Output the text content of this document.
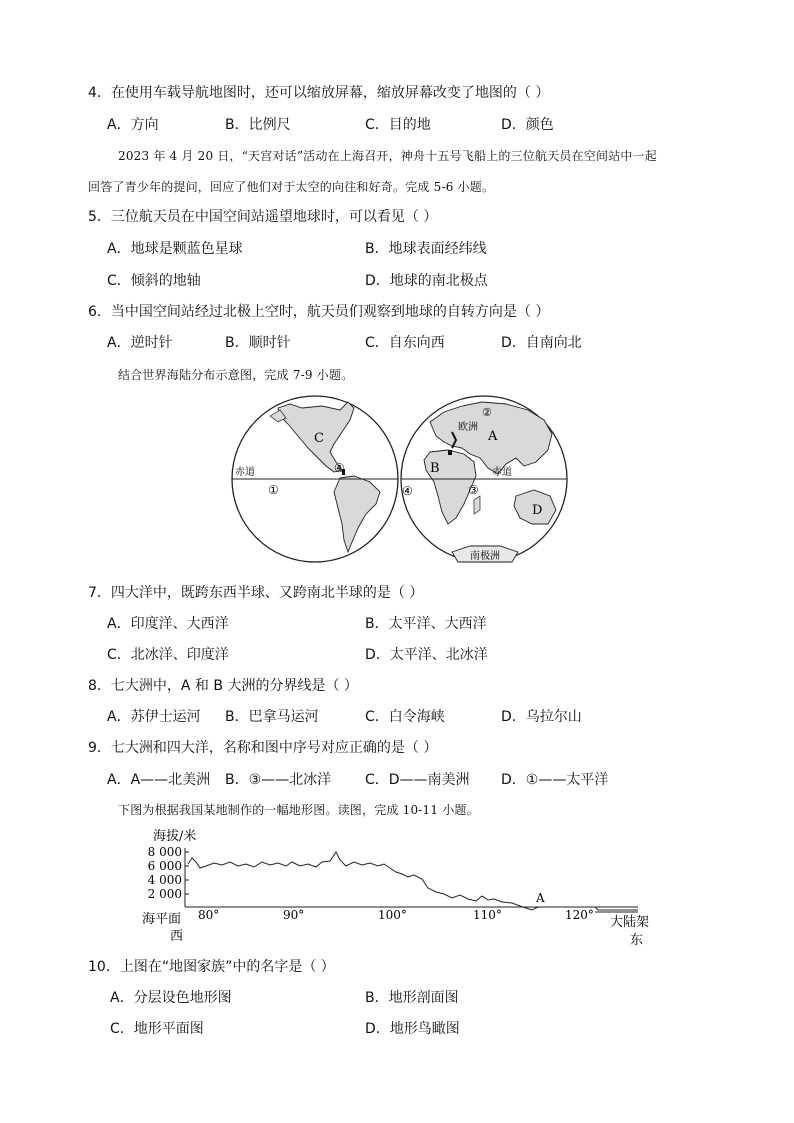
4．在使用车载导航地图时，还可以缩放屏幕，缩放屏幕改变了地图的（ ）
A．方向	B．比例尺	C．目的地	D．颜色
2023 年 4 月 20 日，“天宫对话”活动在上海召开，神舟十五号飞船上的三位航天员在空间站中一起
回答了青少年的提问，回应了他们对于太空的向往和好奇。完成 5-6 小题。
5．三位航天员在中国空间站遥望地球时，可以看见（ ）
A．地球是颗蓝色星球	B．地球表面经纬线
C．倾斜的地轴	D．地球的南北极点
6．当中国空间站经过北极上空时，航天员们观察到地球的自转方向是（ ）
A．逆时针	B．顺时针	C．自东向西	D．自南向北
结合世界海陆分布示意图，完成 7-9 小题。
C
④
赤道
①
②
欧洲
A
B	赤道
④	③
D
南极洲
7．四大洋中，既跨东西半球、又跨南北半球的是（ ）
A．印度洋、大西洋	B．太平洋、大西洋
C．北冰洋、印度洋	D．太平洋、北冰洋
8．七大洲中，A 和 B 大洲的分界线是（ ）
A．苏伊士运河 B．巴拿马运河	C．白令海峡	D．乌拉尔山
9．七大洲和四大洋，名称和图中序号对应正确的是（ ）
A．A——北美洲 B．③——北冰洋 C．D——南美洲 D．①——太平洋
下图为根据我国某地制作的一幅地形图。读图，完成 10-11 小题。
海拔/米
8 000
6 000
4 000
2 000
80°	90°	100°	110°	120°
A
海平面
西
大陆架
东
10．上图在“地图家族”中的名字是（ ）
A．分层设色地形图	B．地形剖面图
C．地形平面图	D．地形鸟瞰图
